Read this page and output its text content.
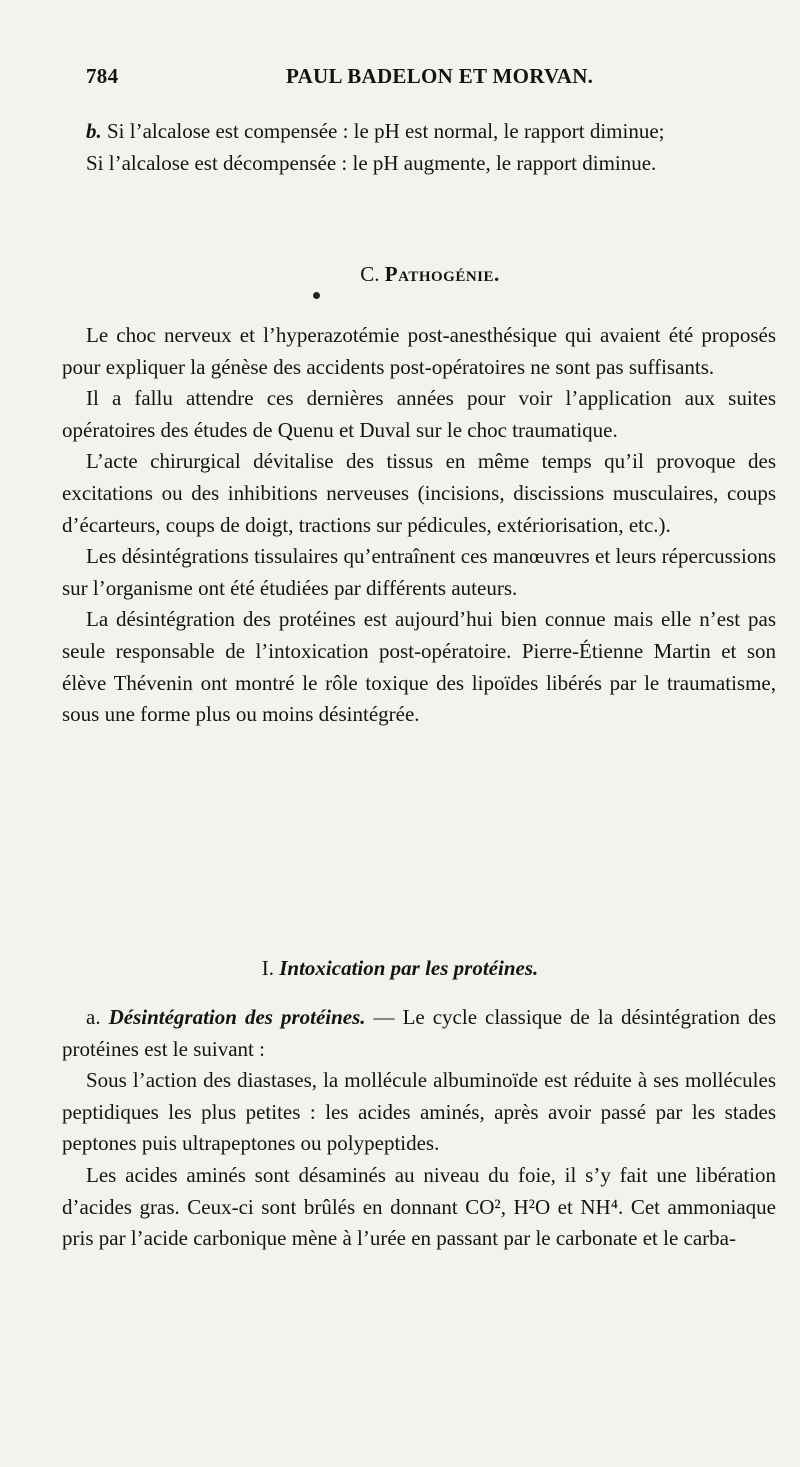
784	PAUL BADELON ET MORVAN.

b. Si l’alcalose est compensée : le pH est normal, le rapport diminue;

Si l’alcalose est décompensée : le pH augmente, le rapport diminue.

C. Pathogénie.

Le choc nerveux et l’hyperazotémie post-anesthésique qui avaient été proposés pour expliquer la génèse des accidents post-opératoires ne sont pas suffisants.

Il a fallu attendre ces dernières années pour voir l’application aux suites opératoires des études de Quenu et Duval sur le choc traumatique.

L’acte chirurgical dévitalise des tissus en même temps qu’il provoque des excitations ou des inhibitions nerveuses (incisions, discissions musculaires, coups d’écarteurs, coups de doigt, tractions sur pédicules, extériorisation, etc.).

Les désintégrations tissulaires qu’entraînent ces manœuvres et leurs répercussions sur l’organisme ont été étudiées par différents auteurs.

La désintégration des protéines est aujourd’hui bien connue mais elle n’est pas seule responsable de l’intoxication post-opératoire. Pierre-Étienne Martin et son élève Thévenin ont montré le rôle toxique des lipoïdes libérés par le traumatisme, sous une forme plus ou moins désintégrée.

I. Intoxication par les protéines.

a. Désintégration des protéines. — Le cycle classique de la désintégration des protéines est le suivant :

Sous l’action des diastases, la mollécule albuminoïde est réduite à ses mollécules peptidiques les plus petites : les acides aminés, après avoir passé par les stades peptones puis ultrapeptones ou polypeptides.

Les acides aminés sont désaminés au niveau du foie, il s’y fait une libération d’acides gras. Ceux-ci sont brûlés en donnant CO², H²O et NH⁴. Cet ammoniaque pris par l’acide carbonique mène à l’urée en passant par le carbonate et le carba-
